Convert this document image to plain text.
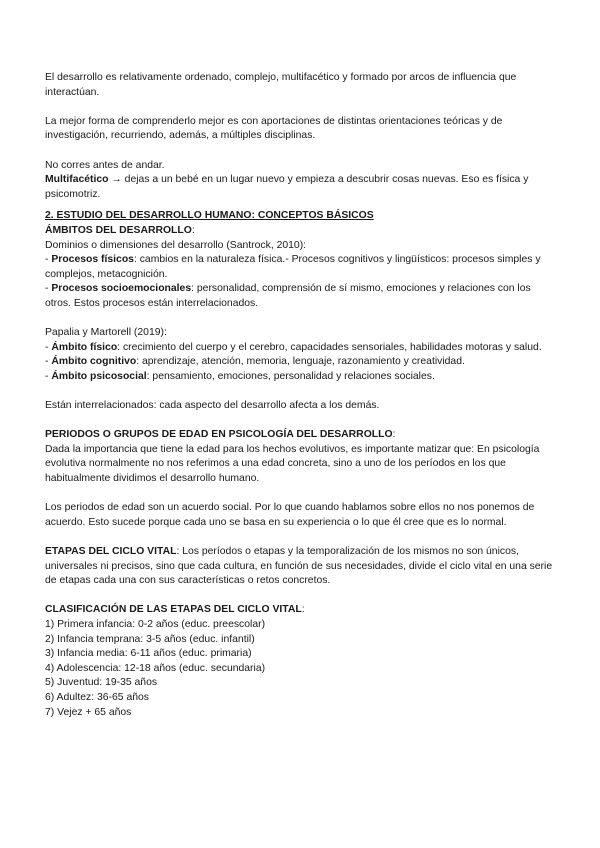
El desarrollo es relativamente ordenado, complejo, multifacético y formado por arcos de influencia que interactúan.

La mejor forma de comprenderlo mejor es con aportaciones de distintas orientaciones teóricas y de investigación, recurriendo, además, a múltiples disciplinas.

No corres antes de andar.

Multifacético → dejas a un bebé en un lugar nuevo y empieza a descubrir cosas nuevas. Eso es física y psicomotriz.

2. ESTUDIO DEL DESARROLLO HUMANO: CONCEPTOS BÁSICOS

ÁMBITOS DEL DESARROLLO:

Dominios o dimensiones del desarrollo (Santrock, 2010):

- Procesos físicos: cambios en la naturaleza física.- Procesos cognitivos y lingüísticos: procesos simples y complejos, metacognición.

- Procesos socioemocionales: personalidad, comprensión de sí mismo, emociones y relaciones con los otros. Estos procesos están interrelacionados.

Papalia y Martorell (2019):

- Ámbito físico: crecimiento del cuerpo y el cerebro, capacidades sensoriales, habilidades motoras y salud.

- Ámbito cognitivo: aprendizaje, atención, memoria, lenguaje, razonamiento y creatividad.

- Ámbito psicosocial: pensamiento, emociones, personalidad y relaciones sociales.

Están interrelacionados: cada aspecto del desarrollo afecta a los demás.

PERIODOS O GRUPOS DE EDAD EN PSICOLOGÍA DEL DESARROLLO:

Dada la importancia que tiene la edad para los hechos evolutivos, es importante matizar que: En psicología evolutiva normalmente no nos referimos a una edad concreta, sino a uno de los períodos en los que habitualmente dividimos el desarrollo humano.

Los periodos de edad son un acuerdo social. Por lo que cuando hablamos sobre ellos no nos ponemos de acuerdo. Esto sucede porque cada uno se basa en su experiencia o lo que él cree que es lo normal.

ETAPAS DEL CICLO VITAL: Los períodos o etapas y la temporalización de los mismos no son únicos, universales ni precisos, sino que cada cultura, en función de sus necesidades, divide el ciclo vital en una serie de etapas cada una con sus características o retos concretos.

CLASIFICACIÓN DE LAS ETAPAS DEL CICLO VITAL:

1) Primera infancia: 0-2 años (educ. preescolar)

2) Infancia temprana: 3-5 años (educ. infantil)

3) Infancia media: 6-11 años (educ. primaria)

4) Adolescencia: 12-18 años (educ. secundaria)

5) Juventud: 19-35 años

6) Adultez: 36-65 años

7) Vejez + 65 años
